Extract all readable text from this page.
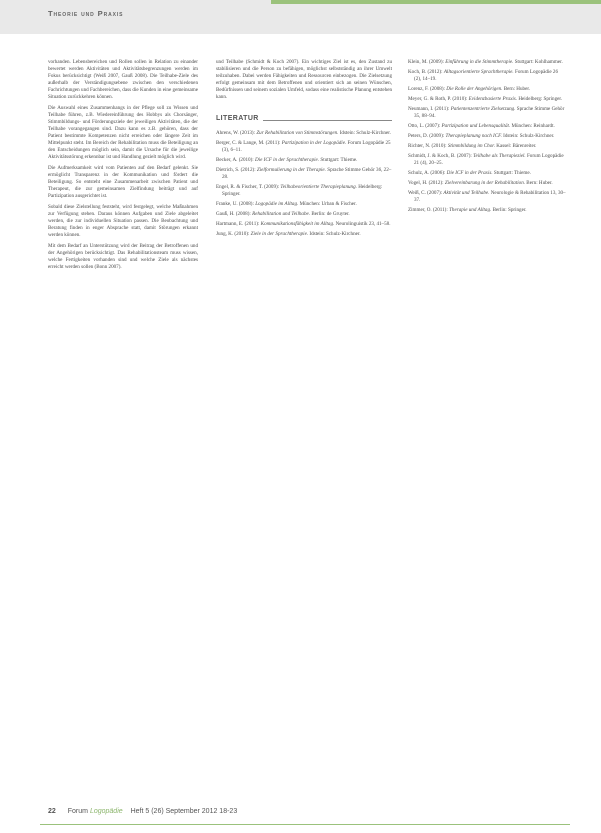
Theorie und Praxis

vorhanden. Lebensbereichen und Rollen sollen in Relation zu einander bewertet werden Aktivitäten und Aktivitätsbegrenzungen werden im Fokus berücksichtigt (Weiß 2007, Gauß 2008). Die Teilhabe-Ziele des außerhalb der Verständigungsebene zwischen den verschiedenen Fachrichtungen und Fachbereichen, dass die Kunden in eine gemeinsame Situation zurückkehren können.

Die Auswahl eines Zusammenhangs in der Pflege soll zu Wissen und Teilhabe führen, z.B. Wiedereinführung des Hobbys als Chorsänger, Stimmbildungs- und Förderungsziele der jeweiligen Aktivitäten, die der Teilhabe vorangegangen sind. Dazu kann es z.B. gehören, dass der Patient bestimmte Kompetenzen nicht erreichen oder längere Zeit im Mittelpunkt steht. Im Bereich der Rehabilitation muss die Beteiligung an den Entscheidungen möglich sein, damit die Ursache für die jeweilige Aktivitätsstörung erkennbar ist und Handlung gezielt möglich wird.

Die Aufmerksamkeit wird vom Patienten auf den Bedarf gelenkt. Sie ermöglicht Transparenz in der Kommunikation und fördert die Beteiligung. So entsteht eine Zusammenarbeit zwischen Patient und Therapeut, die zur gemeinsamen Zielfindung beiträgt und auf Partizipation ausgerichtet ist.

Sobald diese Zielstellung feststeht, wird festgelegt, welche Maßnahmen zur Verfügung stehen. Daraus können Aufgaben und Ziele abgeleitet werden, die zur individuellen Situation passen. Die Beobachtung und Beratung finden in enger Absprache statt, damit Störungen erkannt werden können.

Mit dem Bedarf an Unterstützung wird der Beitrag der Betroffenen und der Angehörigen berücksichtigt. Das Rehabilitationsteam muss wissen, welche Fertigkeiten vorhanden sind und welche Ziele als nächstes erreicht werden sollen (Bonn 2007).

und Teilhabe (Schmidt & Koch 2007). Ein wichtiges Ziel ist es, den Zustand zu stabilisieren und die Person zu befähigen, möglichst selbstständig an ihrer Umwelt teilzuhaben. Dabei werden Fähigkeiten und Ressourcen einbezogen. Die Zielsetzung erfolgt gemeinsam mit dem Betroffenen und orientiert sich an seinen Wünschen, Bedürfnissen und seinem sozialen Umfeld, sodass eine realistische Planung entstehen kann.

LITERATUR
Ahrens, W. (2013): Zur Rehabilitation von Stimmstörungen. Idstein: Schulz-Kirchner.
Berger, C. & Lange, M. (2011): Partizipation in der Logopädie. Forum Logopädie 25 (3), 6–11.
Becker, A. (2010): Die ICF in der Sprachtherapie. Stuttgart: Thieme.
Dietrich, S. (2012): Zielformulierung in der Therapie. Sprache Stimme Gehör 36, 22–28.
Engel, R. & Fischer, T. (2009): Teilhabeorientierte Therapieplanung. Heidelberg: Springer.
Franke, U. (2008): Logopädie im Alltag. München: Urban & Fischer.
Gauß, H. (2008): Rehabilitation und Teilhabe. Berlin: de Gruyter.
Hartmann, E. (2011): Kommunikationsfähigkeit im Alltag. Neurolinguistik 23, 41–58.
Jung, K. (2010): Ziele in der Sprachtherapie. Idstein: Schulz-Kirchner.
Klein, M. (2009): Einführung in die Stimmtherapie. Stuttgart: Kohlhammer.
Koch, B. (2012): Alltagsorientierte Sprachtherapie. Forum Logopädie 26 (2), 14–19.
Lorenz, F. (2008): Die Rolle der Angehörigen. Bern: Huber.
Meyer, G. & Roth, P. (2010): Evidenzbasierte Praxis. Heidelberg: Springer.
Neumann, I. (2011): Patientenzentrierte Zielsetzung. Sprache Stimme Gehör 35, 88–94.
Otto, L. (2007): Partizipation und Lebensqualität. München: Reinhardt.
Peters, D. (2009): Therapieplanung nach ICF. Idstein: Schulz-Kirchner.
Richter, N. (2010): Stimmbildung im Chor. Kassel: Bärenreiter.
Schmidt, J. & Koch, B. (2007): Teilhabe als Therapieziel. Forum Logopädie 21 (4), 20–25.
Schulz, A. (2006): Die ICF in der Praxis. Stuttgart: Thieme.
Vogel, H. (2012): Zielvereinbarung in der Rehabilitation. Bern: Huber.
Weiß, C. (2007): Aktivität und Teilhabe. Neurologie & Rehabilitation 13, 30–37.
Zimmer, O. (2011): Therapie und Alltag. Berlin: Springer.
22 Forum Logopädie Heft 5 (26) September 2012 18-23
